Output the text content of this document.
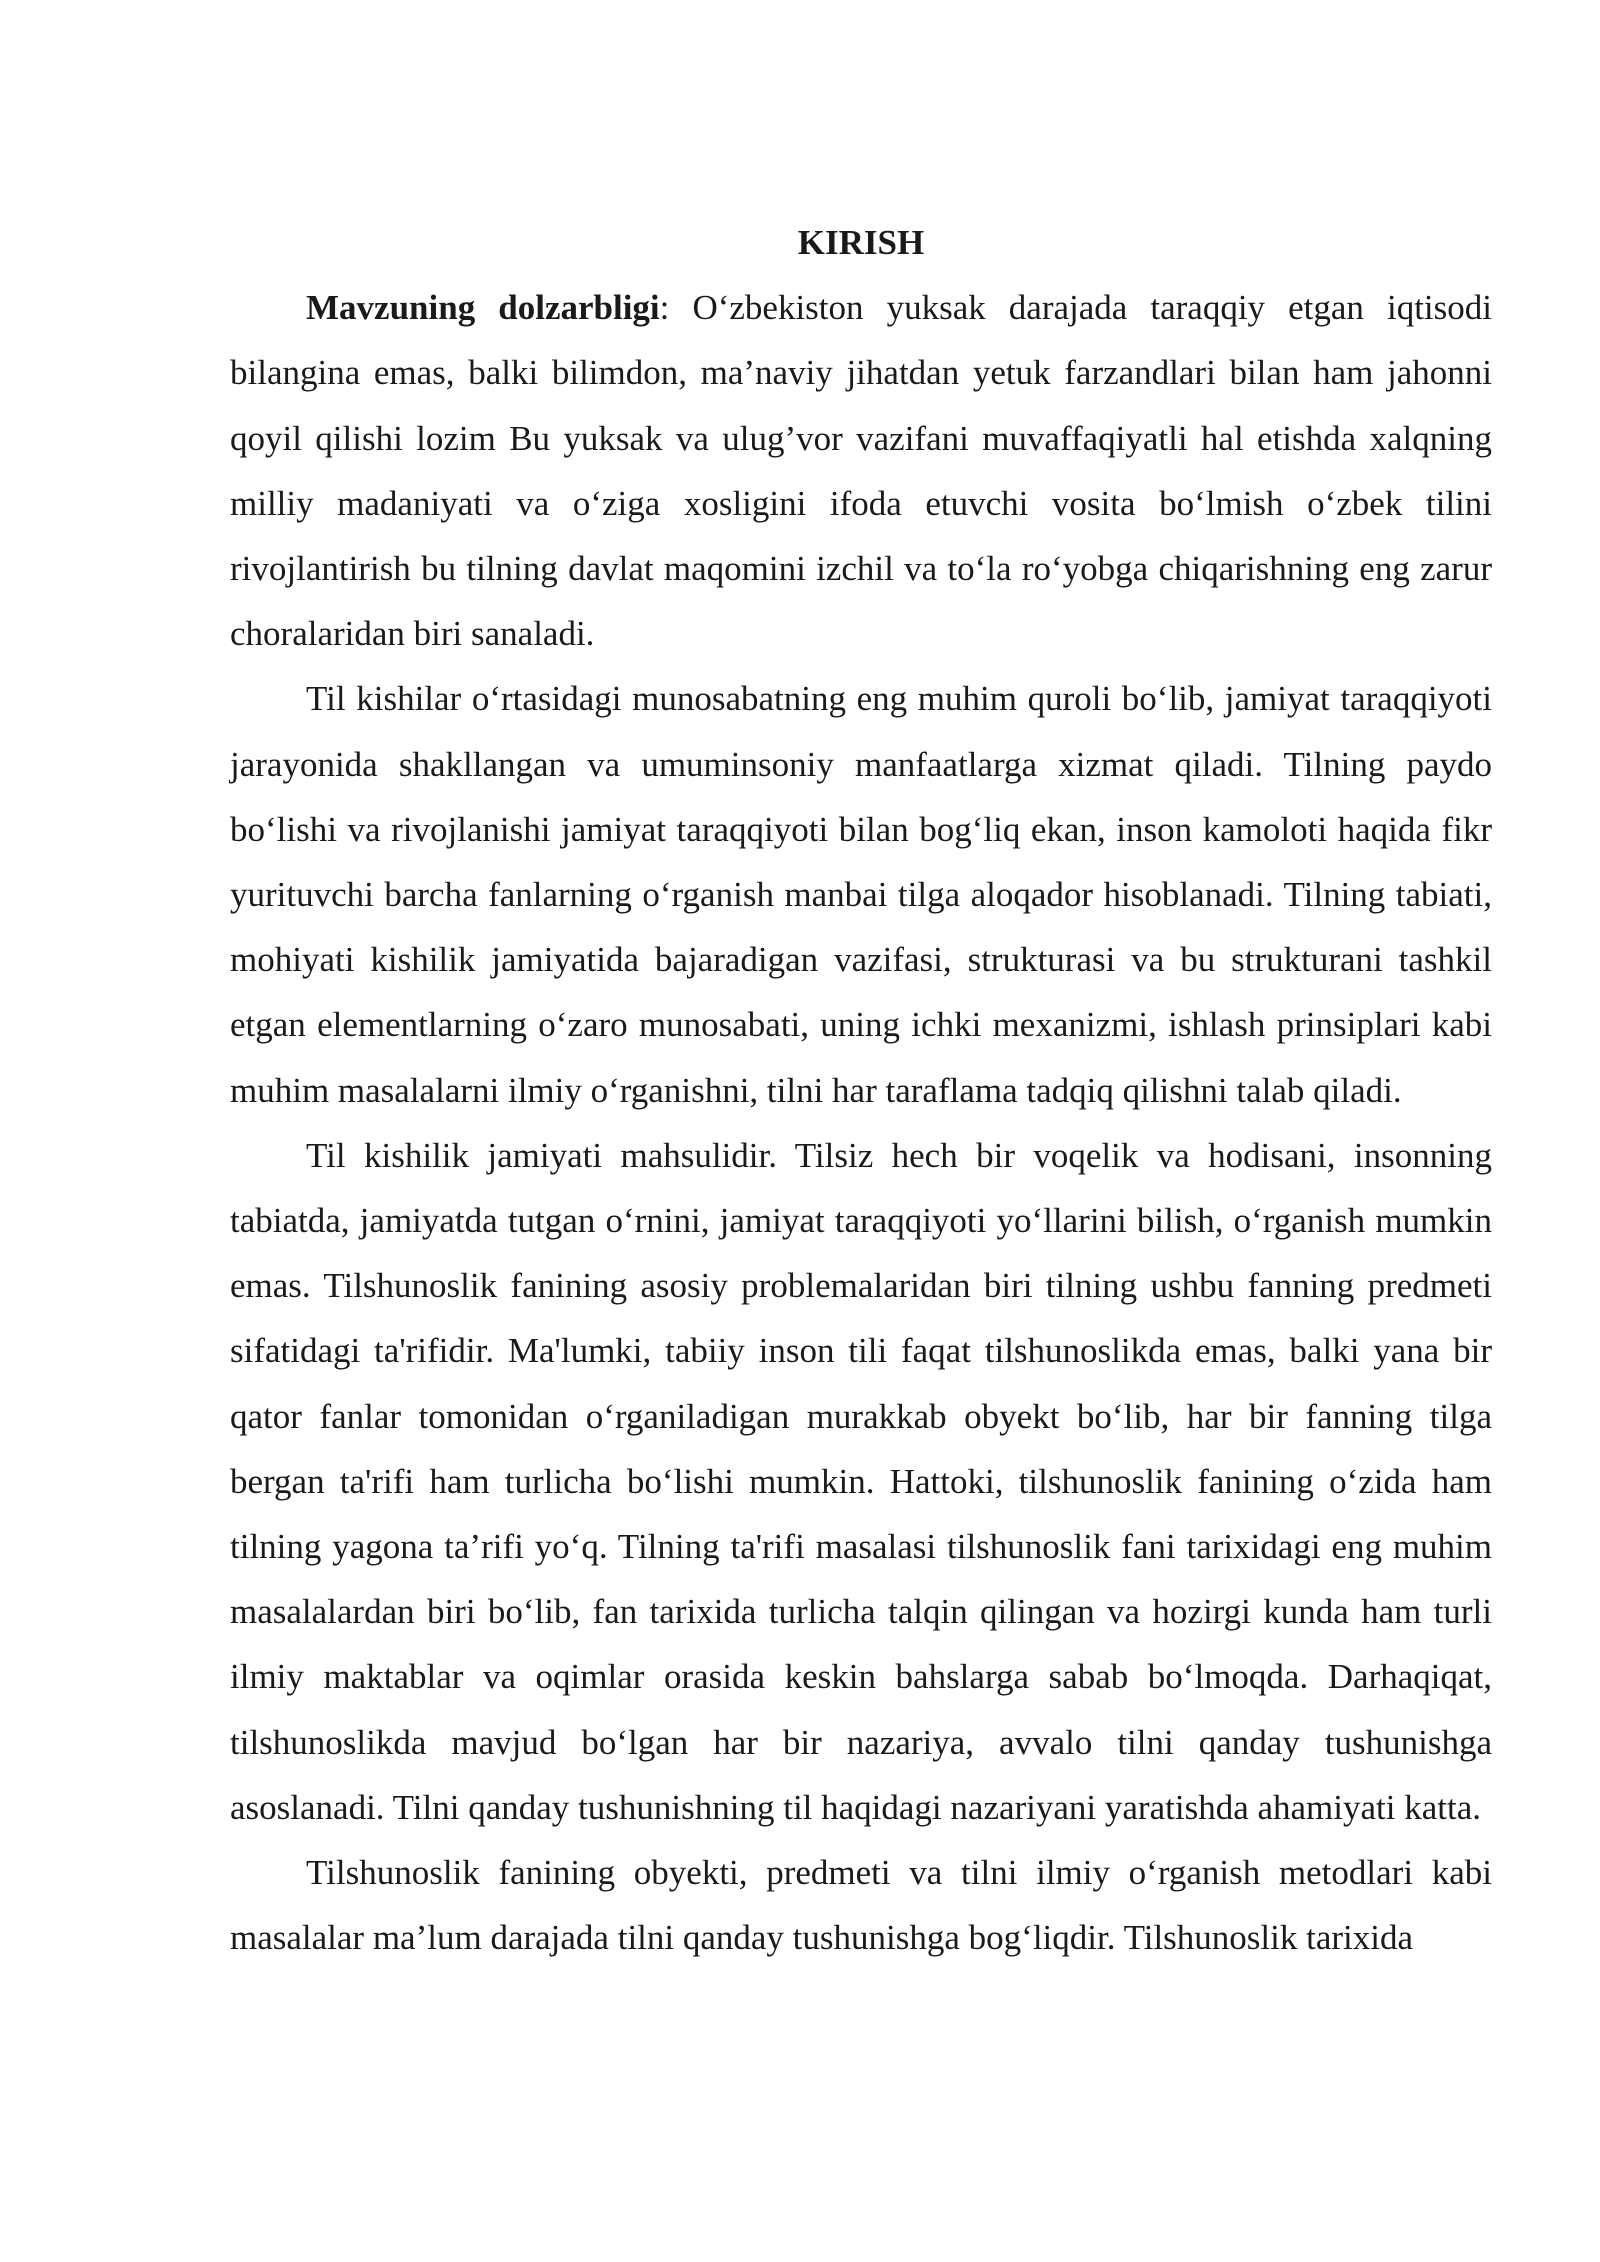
KIRISH

Mavzuning dolzarbligi: O‘zbekiston yuksak darajada taraqqiy etgan iqtisodi bilangina emas, balki bilimdon, ma’naviy jihatdan yetuk farzandlari bilan ham jahonni qoyil qilishi lozim Bu yuksak va ulug’vor vazifani muvaffaqiyatli hal etishda xalqning milliy madaniyati va o‘ziga xosligini ifoda etuvchi vosita bo‘lmish o‘zbek tilini rivojlantirish bu tilning davlat maqomini izchil va to‘la ro‘yobga chiqarishning eng zarur choralaridan biri sanaladi.

Til kishilar o‘rtasidagi munosabatning eng muhim quroli bo‘lib, jamiyat taraqqiyoti jarayonida shakllangan va umuminsoniy manfaatlarga xizmat qiladi. Tilning paydo bo‘lishi va rivojlanishi jamiyat taraqqiyoti bilan bog‘liq ekan, inson kamoloti haqida fikr yurituvchi barcha fanlarning o‘rganish manbai tilga aloqador hisoblanadi. Tilning tabiati, mohiyati kishilik jamiyatida bajaradigan vazifasi, strukturasi va bu strukturani tashkil etgan elementlarning o‘zaro munosabati, uning ichki mexanizmi, ishlash prinsiplari kabi muhim masalalarni ilmiy o‘rganishni, tilni har taraflama tadqiq qilishni talab qiladi.

Til kishilik jamiyati mahsulidir. Tilsiz hech bir voqelik va hodisani, insonning tabiatda, jamiyatda tutgan o‘rnini, jamiyat taraqqiyoti yo‘llarini bilish, o‘rganish mumkin emas. Tilshunoslik fanining asosiy problemalaridan biri tilning ushbu fanning predmeti sifatidagi ta'rifidir. Ma'lumki, tabiiy inson tili faqat tilshunoslikda emas, balki yana bir qator fanlar tomonidan o‘rganiladigan murakkab obyekt bo‘lib, har bir fanning tilga bergan ta'rifi ham turlicha bo‘lishi mumkin. Hattoki, tilshunoslik fanining o‘zida ham tilning yagona ta’rifi yo‘q. Tilning ta'rifi masalasi tilshunoslik fani tarixidagi eng muhim masalalardan biri bo‘lib, fan tarixida turlicha talqin qilingan va hozirgi kunda ham turli ilmiy maktablar va oqimlar orasida keskin bahslarga sabab bo‘lmoqda. Darhaqiqat, tilshunoslikda mavjud bo‘lgan har bir nazariya, avvalo tilni qanday tushunishga asoslanadi. Tilni qanday tushunishning til haqidagi nazariyani yaratishda ahamiyati katta.

Tilshunoslik fanining obyekti, predmeti va tilni ilmiy o‘rganish metodlari kabi masalalar ma’lum darajada tilni qanday tushunishga bog‘liqdir. Tilshunoslik tarixida
